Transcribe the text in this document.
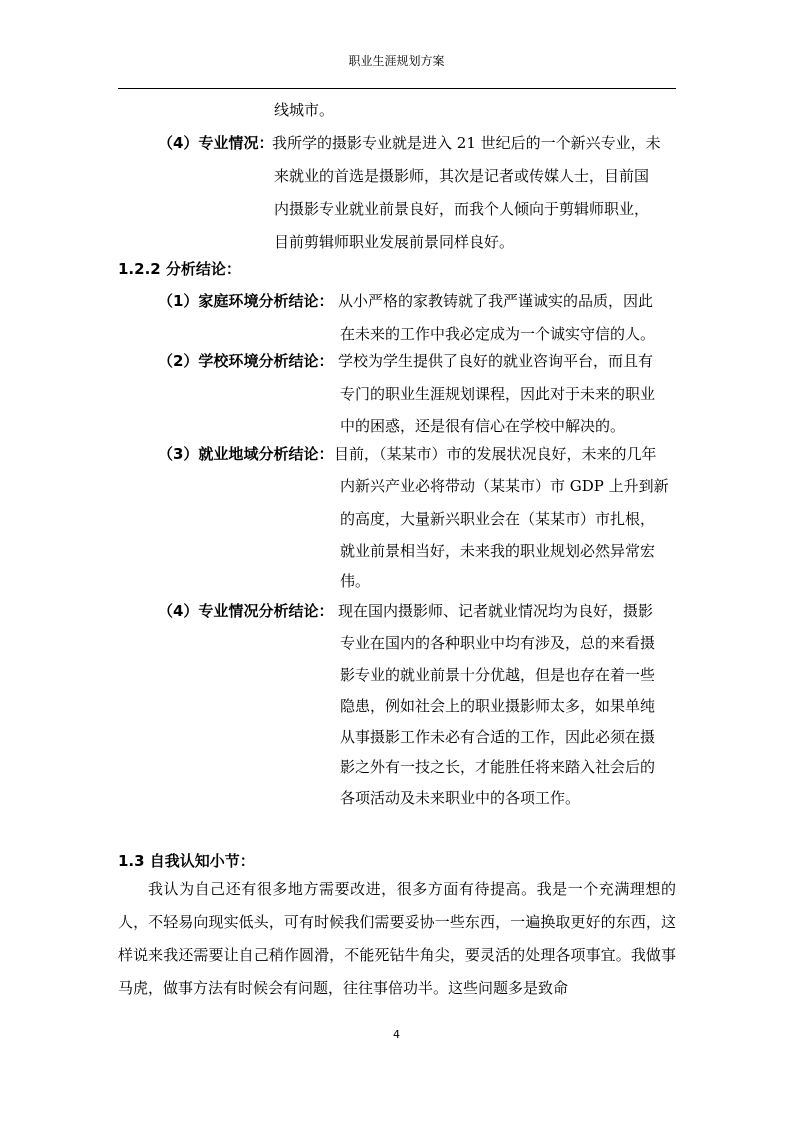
职业生涯规划方案
线城市。
（4）专业情况：
我所学的摄影专业就是进入 21 世纪后的一个新兴专业，未
来就业的首选是摄影师，其次是记者或传媒人士，目前国
内摄影专业就业前景良好，而我个人倾向于剪辑师职业，
目前剪辑师职业发展前景同样良好。
1.2.2 分析结论：
（1）家庭环境分析结论： 从小严格的家教铸就了我严谨诚实的品质，因此
在未来的工作中我必定成为一个诚实守信的人。
（2）学校环境分析结论： 学校为学生提供了良好的就业咨询平台，而且有
专门的职业生涯规划课程，因此对于未来的职业
中的困惑，还是很有信心在学校中解决的。
（3）就业地域分析结论： 目前，（某某市）市的发展状况良好，未来的几年
内新兴产业必将带动（某某市）市 GDP 上升到新
的高度，大量新兴职业会在（某某市）市扎根，
就业前景相当好，未来我的职业规划必然异常宏
伟。
（4）专业情况分析结论： 现在国内摄影师、记者就业情况均为良好，摄影
专业在国内的各种职业中均有涉及，总的来看摄
影专业的就业前景十分优越，但是也存在着一些
隐患，例如社会上的职业摄影师太多，如果单纯
从事摄影工作未必有合适的工作，因此必须在摄
影之外有一技之长，才能胜任将来踏入社会后的
各项活动及未来职业中的各项工作。
1.3 自我认知小节：

我认为自己还有很多地方需要改进，很多方面有待提高。我是一个充满理想的人，不轻易向现实低头，可有时候我们需要妥协一些东西，一遍换取更好的东西，这样说来我还需要让自己稍作圆滑，不能死钻牛角尖，要灵活的处理各项事宜。我做事马虎，做事方法有时候会有问题，往往事倍功半。这些问题多是致命

4
